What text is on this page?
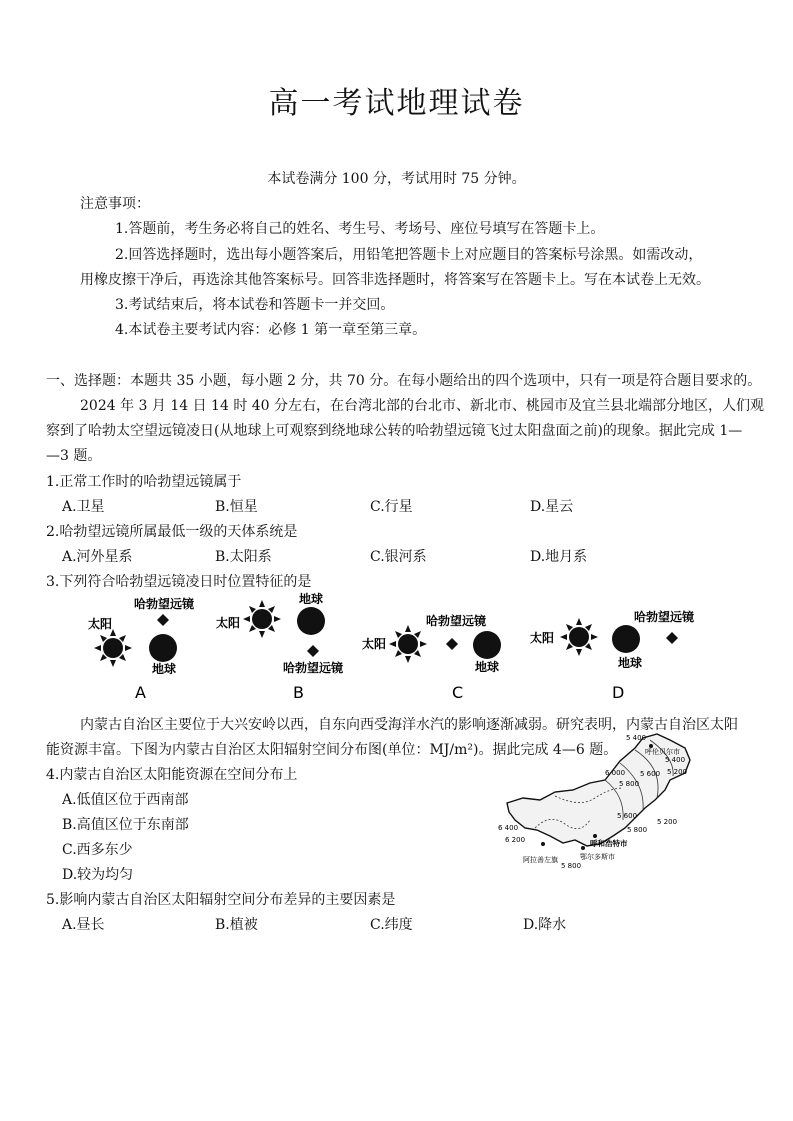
高一考试地理试卷
本试卷满分 100 分，考试用时 75 分钟。
注意事项：
1.答题前，考生务必将自己的姓名、考生号、考场号、座位号填写在答题卡上。
2.回答选择题时，选出每小题答案后，用铅笔把答题卡上对应题目的答案标号涂黑。如需改动，
用橡皮擦干净后，再选涂其他答案标号。回答非选择题时，将答案写在答题卡上。写在本试卷上无效。
3.考试结束后，将本试卷和答题卡一并交回。
4.本试卷主要考试内容：必修 1 第一章至第三章。
一、选择题：本题共 35 小题，每小题 2 分，共 70 分。在每小题给出的四个选项中，只有一项是符合题目要求的。
2024 年 3 月 14 日 14 时 40 分左右，在台湾北部的台北市、新北市、桃园市及宜兰县北端部分地区，人们观
察到了哈勃太空望远镜凌日(从地球上可观察到绕地球公转的哈勃望远镜飞过太阳盘面之前)的现象。据此完成 1—
—3 题。
1.正常工作时的哈勃望远镜属于
A.卫星	B.恒星	C.行星	D.星云
2.哈勃望远镜所属最低一级的天体系统是
A.河外星系	B.太阳系	C.银河系	D.地月系
3.下列符合哈勃望远镜凌日时位置特征的是
太阳
哈勃望远镜
地球
A
太阳
地球
哈勃望远镜
B
太阳
哈勃望远镜
地球
C
太阳
地球
哈勃望远镜
D
内蒙古自治区主要位于大兴安岭以西，自东向西受海洋水汽的影响逐渐减弱。研究表明，内蒙古自治区太阳
能资源丰富。下图为内蒙古自治区太阳辐射空间分布图(单位：MJ/m²)。据此完成 4—6 题。
4.内蒙古自治区太阳能资源在空间分布上
A.低值区位于西南部
B.高值区位于东南部
C.西多东少
D.较为均匀
呼伦贝尔市
呼和浩特市
鄂尔多斯市
阿拉善左旗
5 400
5 600
5 800
6 000	5 200
5 600
5 800
5 200
6 400
6 200
5 800
5 400
5.影响内蒙古自治区太阳辐射空间分布差异的主要因素是
A.昼长	B.植被	C.纬度	D.降水
